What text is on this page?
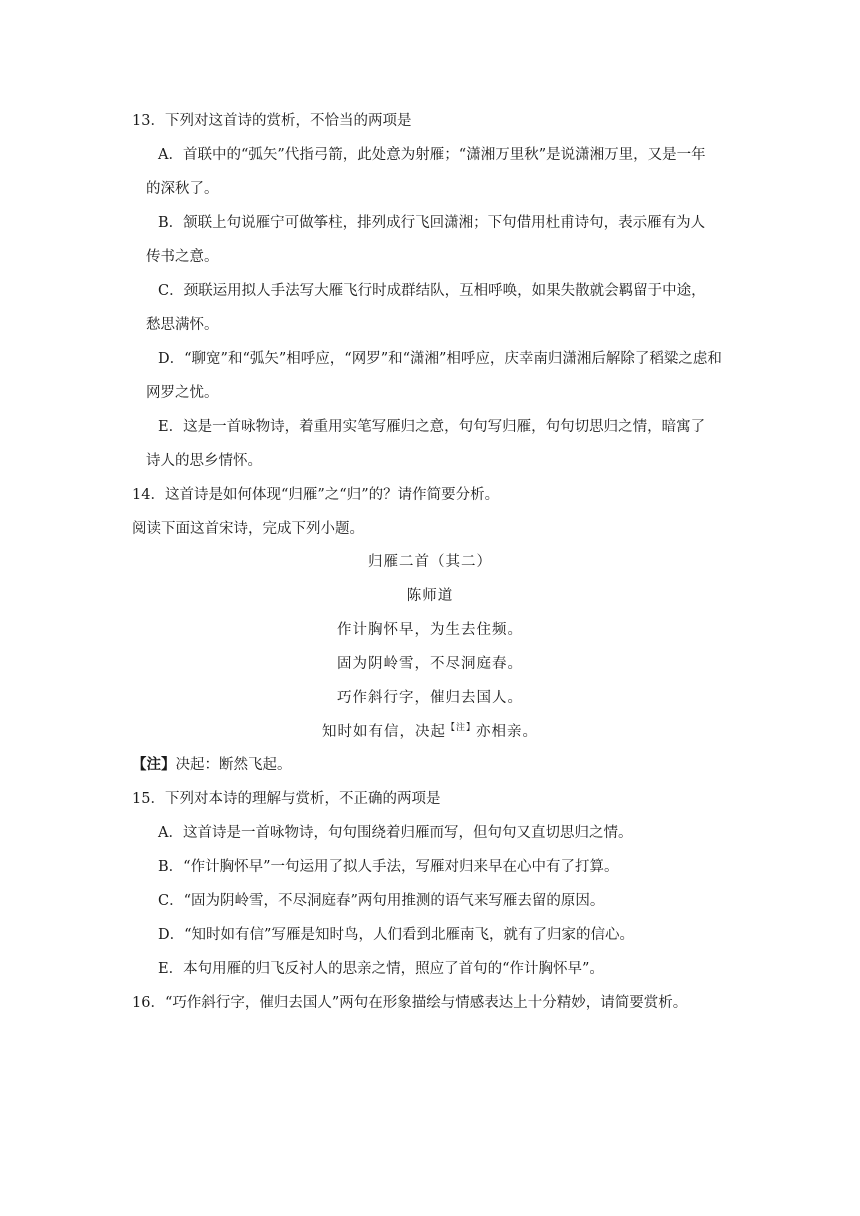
13．下列对这首诗的赏析，不恰当的两项是
A．首联中的“弧矢”代指弓箭，此处意为射雁；“潇湘万里秋”是说潇湘万里，又是一年
的深秋了。
B．颔联上句说雁宁可做筝柱，排列成行飞回潇湘；下句借用杜甫诗句，表示雁有为人
传书之意。
C．颈联运用拟人手法写大雁飞行时成群结队，互相呼唤，如果失散就会羁留于中途，
愁思满怀。
D．“聊宽”和“弧矢”相呼应，“网罗”和“潇湘”相呼应，庆幸南归潇湘后解除了稻粱之虑和
网罗之忧。
E．这是一首咏物诗，着重用实笔写雁归之意，句句写归雁，句句切思归之情，暗寓了
诗人的思乡情怀。
14．这首诗是如何体现“归雁”之“归”的？请作简要分析。
阅读下面这首宋诗，完成下列小题。
归雁二首（其二）
陈师道
作计胸怀早，为生去住频。
固为阴岭雪，不尽洞庭春。
巧作斜行字，催归去国人。
知时如有信，决起$^{【注】}$亦相亲。
【注】决起：断然飞起。
15．下列对本诗的理解与赏析，不正确的两项是
A．这首诗是一首咏物诗，句句围绕着归雁而写，但句句又直切思归之情。
B．“作计胸怀早”一句运用了拟人手法，写雁对归来早在心中有了打算。
C．“固为阴岭雪，不尽洞庭春”两句用推测的语气来写雁去留的原因。
D．“知时如有信”写雁是知时鸟，人们看到北雁南飞，就有了归家的信心。
E．本句用雁的归飞反衬人的思亲之情，照应了首句的“作计胸怀早”。
16．“巧作斜行字，催归去国人”两句在形象描绘与情感表达上十分精妙，请简要赏析。
